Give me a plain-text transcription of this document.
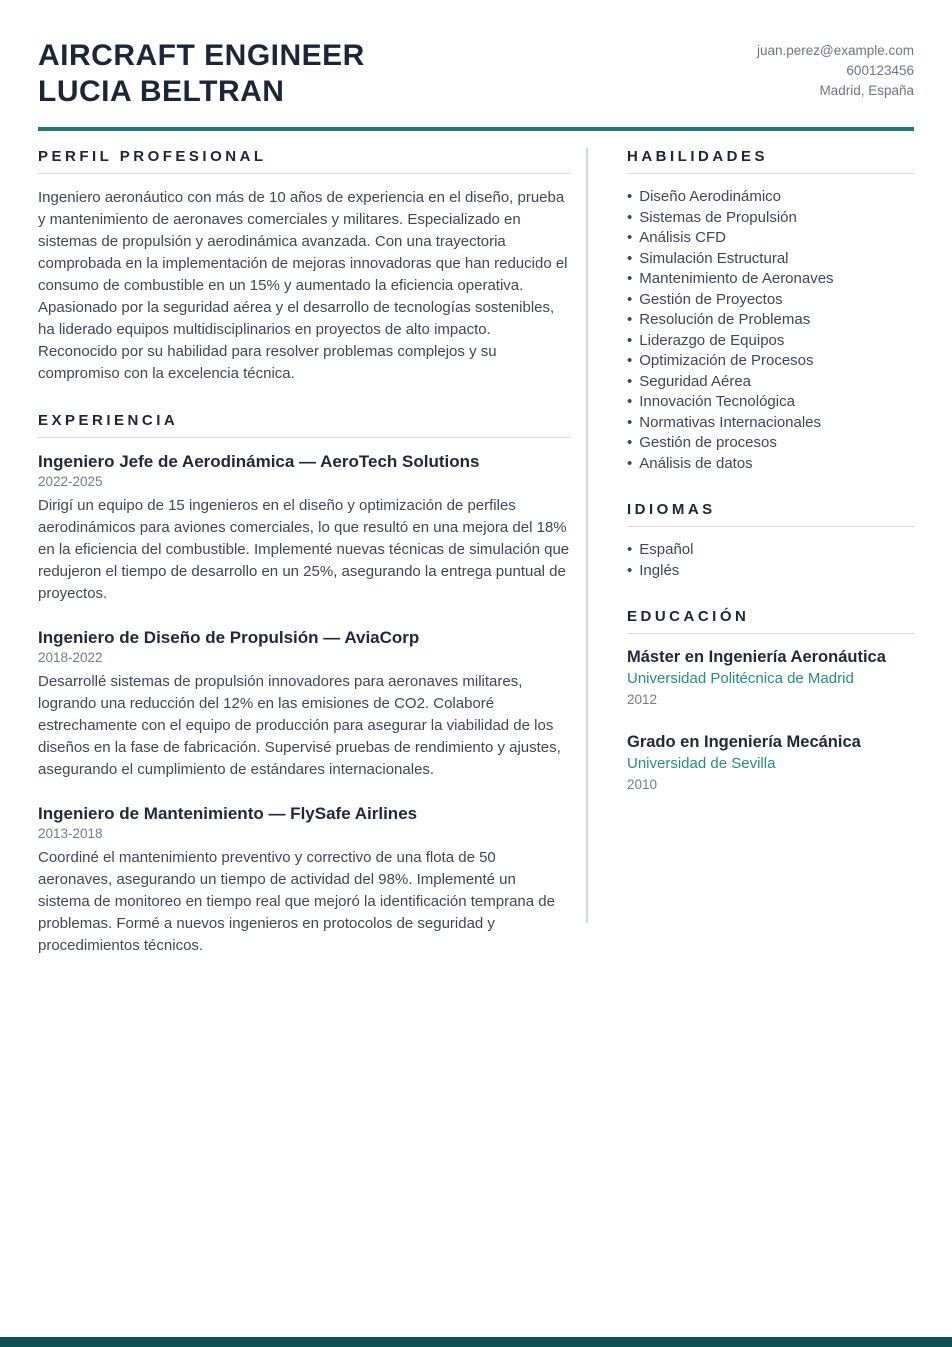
AIRCRAFT ENGINEER
LUCIA BELTRAN
juan.perez@example.com
600123456
Madrid, España
PERFIL PROFESIONAL
Ingeniero aeronáutico con más de 10 años de experiencia en el diseño, prueba y mantenimiento de aeronaves comerciales y militares. Especializado en sistemas de propulsión y aerodinámica avanzada. Con una trayectoria comprobada en la implementación de mejoras innovadoras que han reducido el consumo de combustible en un 15% y aumentado la eficiencia operativa. Apasionado por la seguridad aérea y el desarrollo de tecnologías sostenibles, ha liderado equipos multidisciplinarios en proyectos de alto impacto. Reconocido por su habilidad para resolver problemas complejos y su compromiso con la excelencia técnica.
EXPERIENCIA
Ingeniero Jefe de Aerodinámica — AeroTech Solutions
2022-2025
Dirigí un equipo de 15 ingenieros en el diseño y optimización de perfiles aerodinámicos para aviones comerciales, lo que resultó en una mejora del 18% en la eficiencia del combustible. Implementé nuevas técnicas de simulación que redujeron el tiempo de desarrollo en un 25%, asegurando la entrega puntual de proyectos.
Ingeniero de Diseño de Propulsión — AviaCorp
2018-2022
Desarrollé sistemas de propulsión innovadores para aeronaves militares, logrando una reducción del 12% en las emisiones de CO2. Colaboré estrechamente con el equipo de producción para asegurar la viabilidad de los diseños en la fase de fabricación. Supervisé pruebas de rendimiento y ajustes, asegurando el cumplimiento de estándares internacionales.
Ingeniero de Mantenimiento — FlySafe Airlines
2013-2018
Coordiné el mantenimiento preventivo y correctivo de una flota de 50 aeronaves, asegurando un tiempo de actividad del 98%. Implementé un sistema de monitoreo en tiempo real que mejoró la identificación temprana de problemas. Formé a nuevos ingenieros en protocolos de seguridad y procedimientos técnicos.
HABILIDADES
• Diseño Aerodinámico
• Sistemas de Propulsión
• Análisis CFD
• Simulación Estructural
• Mantenimiento de Aeronaves
• Gestión de Proyectos
• Resolución de Problemas
• Liderazgo de Equipos
• Optimización de Procesos
• Seguridad Aérea
• Innovación Tecnológica
• Normativas Internacionales
• Gestión de procesos
• Análisis de datos
IDIOMAS
• Español
• Inglés
EDUCACIÓN
Máster en Ingeniería Aeronáutica
Universidad Politécnica de Madrid
2012
Grado en Ingeniería Mecánica
Universidad de Sevilla
2010
